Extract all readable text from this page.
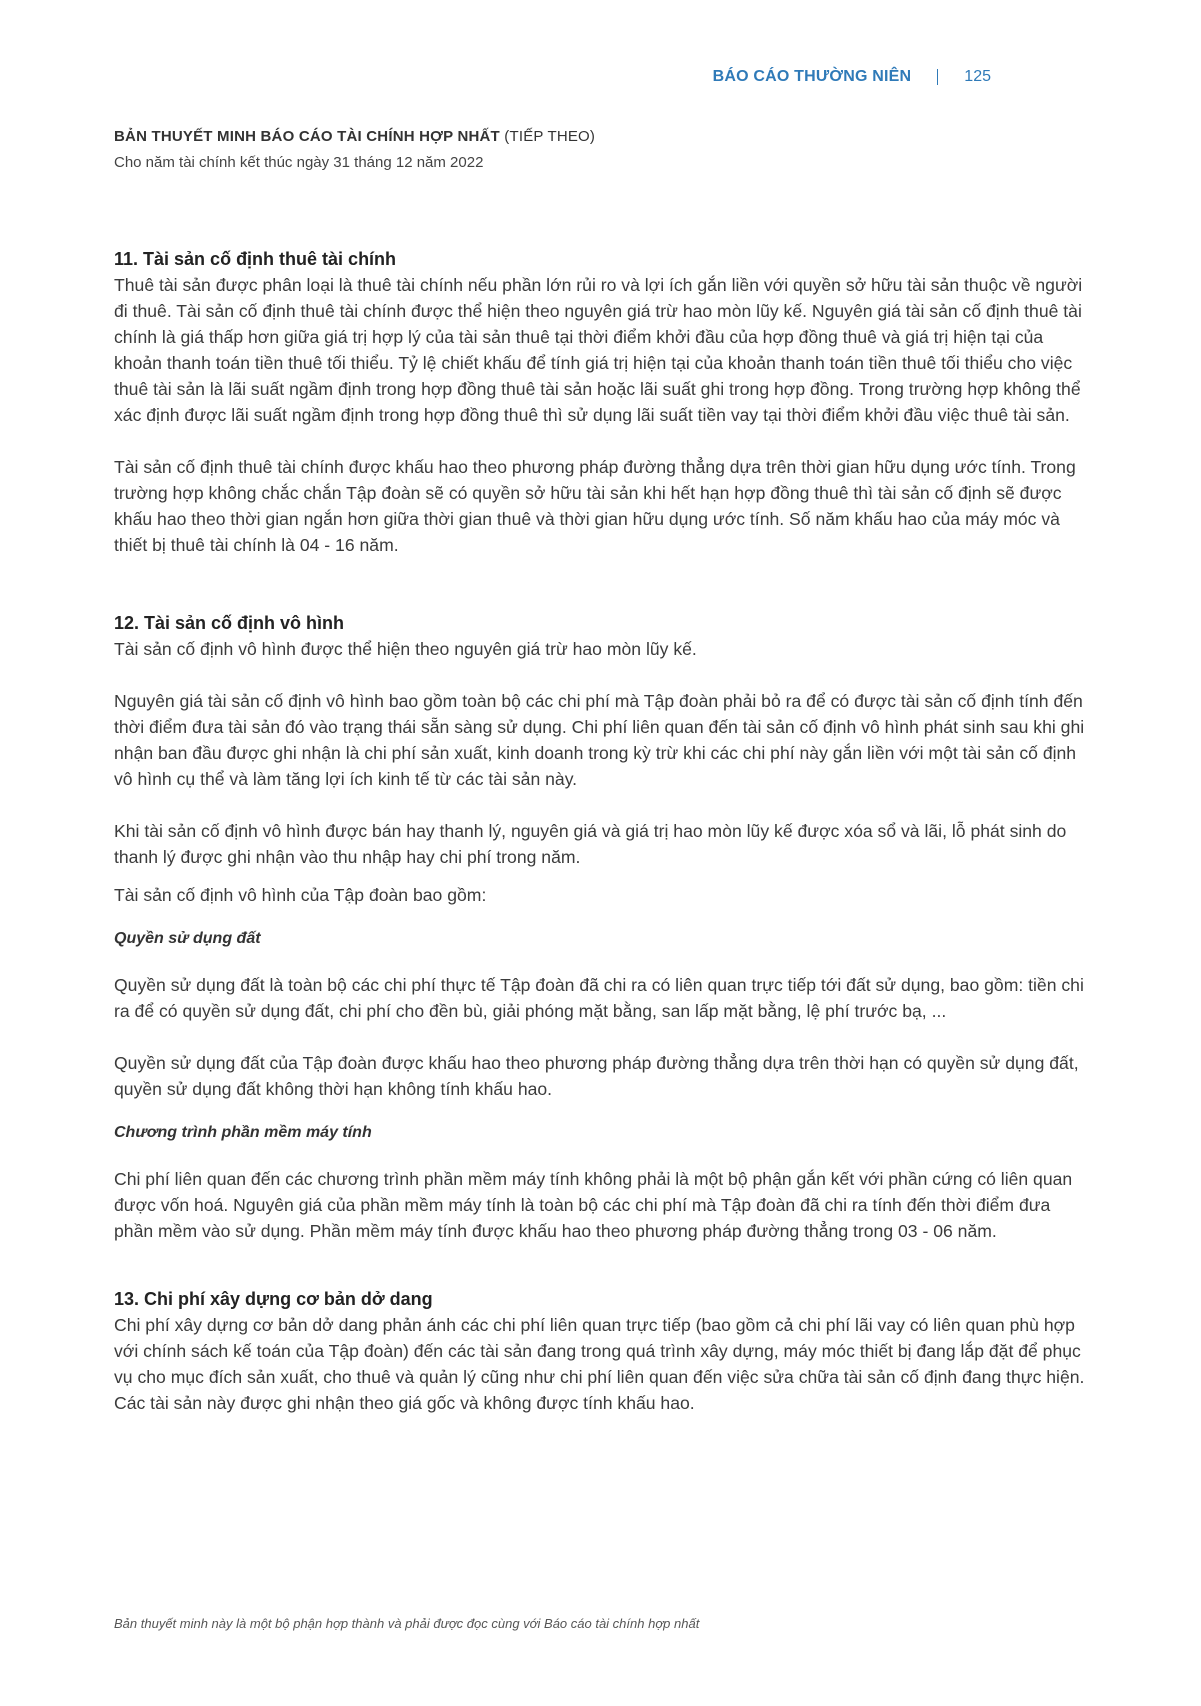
BÁO CÁO THƯỜNG NIÊN	125
BẢN THUYẾT MINH BÁO CÁO TÀI CHÍNH HỢP NHẤT (TIẾP THEO)
Cho năm tài chính kết thúc ngày 31 tháng 12 năm 2022
11. Tài sản cố định thuê tài chính

Thuê tài sản được phân loại là thuê tài chính nếu phần lớn rủi ro và lợi ích gắn liền với quyền sở hữu tài sản thuộc về người đi thuê. Tài sản cố định thuê tài chính được thể hiện theo nguyên giá trừ hao mòn lũy kế. Nguyên giá tài sản cố định thuê tài chính là giá thấp hơn giữa giá trị hợp lý của tài sản thuê tại thời điểm khởi đầu của hợp đồng thuê và giá trị hiện tại của khoản thanh toán tiền thuê tối thiểu. Tỷ lệ chiết khấu để tính giá trị hiện tại của khoản thanh toán tiền thuê tối thiểu cho việc thuê tài sản là lãi suất ngầm định trong hợp đồng thuê tài sản hoặc lãi suất ghi trong hợp đồng. Trong trường hợp không thể xác định được lãi suất ngầm định trong hợp đồng thuê thì sử dụng lãi suất tiền vay tại thời điểm khởi đầu việc thuê tài sản.

Tài sản cố định thuê tài chính được khấu hao theo phương pháp đường thẳng dựa trên thời gian hữu dụng ước tính. Trong trường hợp không chắc chắn Tập đoàn sẽ có quyền sở hữu tài sản khi hết hạn hợp đồng thuê thì tài sản cố định sẽ được khấu hao theo thời gian ngắn hơn giữa thời gian thuê và thời gian hữu dụng ước tính. Số năm khấu hao của máy móc và thiết bị thuê tài chính là 04 - 16 năm.

12. Tài sản cố định vô hình

Tài sản cố định vô hình được thể hiện theo nguyên giá trừ hao mòn lũy kế.

Nguyên giá tài sản cố định vô hình bao gồm toàn bộ các chi phí mà Tập đoàn phải bỏ ra để có được tài sản cố định tính đến thời điểm đưa tài sản đó vào trạng thái sẵn sàng sử dụng. Chi phí liên quan đến tài sản cố định vô hình phát sinh sau khi ghi nhận ban đầu được ghi nhận là chi phí sản xuất, kinh doanh trong kỳ trừ khi các chi phí này gắn liền với một tài sản cố định vô hình cụ thể và làm tăng lợi ích kinh tế từ các tài sản này.

Khi tài sản cố định vô hình được bán hay thanh lý, nguyên giá và giá trị hao mòn lũy kế được xóa sổ và lãi, lỗ phát sinh do thanh lý được ghi nhận vào thu nhập hay chi phí trong năm.

Tài sản cố định vô hình của Tập đoàn bao gồm:

Quyền sử dụng đất

Quyền sử dụng đất là toàn bộ các chi phí thực tế Tập đoàn đã chi ra có liên quan trực tiếp tới đất sử dụng, bao gồm: tiền chi ra để có quyền sử dụng đất, chi phí cho đền bù, giải phóng mặt bằng, san lấp mặt bằng, lệ phí trước bạ, ...

Quyền sử dụng đất của Tập đoàn được khấu hao theo phương pháp đường thẳng dựa trên thời hạn có quyền sử dụng đất, quyền sử dụng đất không thời hạn không tính khấu hao.

Chương trình phần mềm máy tính

Chi phí liên quan đến các chương trình phần mềm máy tính không phải là một bộ phận gắn kết với phần cứng có liên quan được vốn hoá. Nguyên giá của phần mềm máy tính là toàn bộ các chi phí mà Tập đoàn đã chi ra tính đến thời điểm đưa phần mềm vào sử dụng. Phần mềm máy tính được khấu hao theo phương pháp đường thẳng trong 03 - 06 năm.

13. Chi phí xây dựng cơ bản dở dang

Chi phí xây dựng cơ bản dở dang phản ánh các chi phí liên quan trực tiếp (bao gồm cả chi phí lãi vay có liên quan phù hợp với chính sách kế toán của Tập đoàn) đến các tài sản đang trong quá trình xây dựng, máy móc thiết bị đang lắp đặt để phục vụ cho mục đích sản xuất, cho thuê và quản lý cũng như chi phí liên quan đến việc sửa chữa tài sản cố định đang thực hiện. Các tài sản này được ghi nhận theo giá gốc và không được tính khấu hao.

Bản thuyết minh này là một bộ phận hợp thành và phải được đọc cùng với Báo cáo tài chính hợp nhất
